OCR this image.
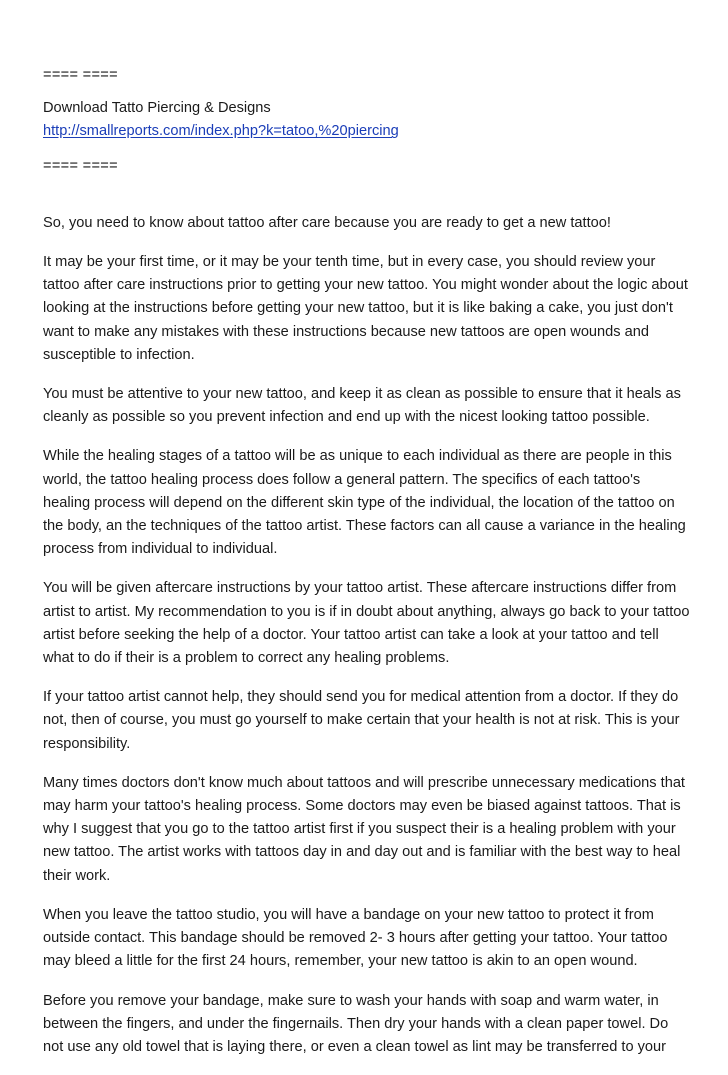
==== ====

Download Tatto Piercing & Designs

http://smallreports.com/index.php?k=tatoo,%20piercing

==== ====

So, you need to know about tattoo after care because you are ready to get a new tattoo!

It may be your first time, or it may be your tenth time, but in every case, you should review your tattoo after care instructions prior to getting your new tattoo. You might wonder about the logic about looking at the instructions before getting your new tattoo, but it is like baking a cake, you just don't want to make any mistakes with these instructions because new tattoos are open wounds and susceptible to infection.

You must be attentive to your new tattoo, and keep it as clean as possible to ensure that it heals as cleanly as possible so you prevent infection and end up with the nicest looking tattoo possible.

While the healing stages of a tattoo will be as unique to each individual as there are people in this world, the tattoo healing process does follow a general pattern. The specifics of each tattoo's healing process will depend on the different skin type of the individual, the location of the tattoo on the body, an the techniques of the tattoo artist. These factors can all cause a variance in the healing process from individual to individual.

You will be given aftercare instructions by your tattoo artist. These aftercare instructions differ from artist to artist. My recommendation to you is if in doubt about anything, always go back to your tattoo artist before seeking the help of a doctor. Your tattoo artist can take a look at your tattoo and tell what to do if their is a problem to correct any healing problems.

If your tattoo artist cannot help, they should send you for medical attention from a doctor. If they do not, then of course, you must go yourself to make certain that your health is not at risk. This is your responsibility.

Many times doctors don't know much about tattoos and will prescribe unnecessary medications that may harm your tattoo's healing process. Some doctors may even be biased against tattoos. That is why I suggest that you go to the tattoo artist first if you suspect their is a healing problem with your new tattoo. The artist works with tattoos day in and day out and is familiar with the best way to heal their work.

When you leave the tattoo studio, you will have a bandage on your new tattoo to protect it from outside contact. This bandage should be removed 2- 3 hours after getting your tattoo. Your tattoo may bleed a little for the first 24 hours, remember, your new tattoo is akin to an open wound.

Before you remove your bandage, make sure to wash your hands with soap and warm water, in between the fingers, and under the fingernails. Then dry your hands with a clean paper towel. Do not use any old towel that is laying there, or even a clean towel as lint may be transferred to your
